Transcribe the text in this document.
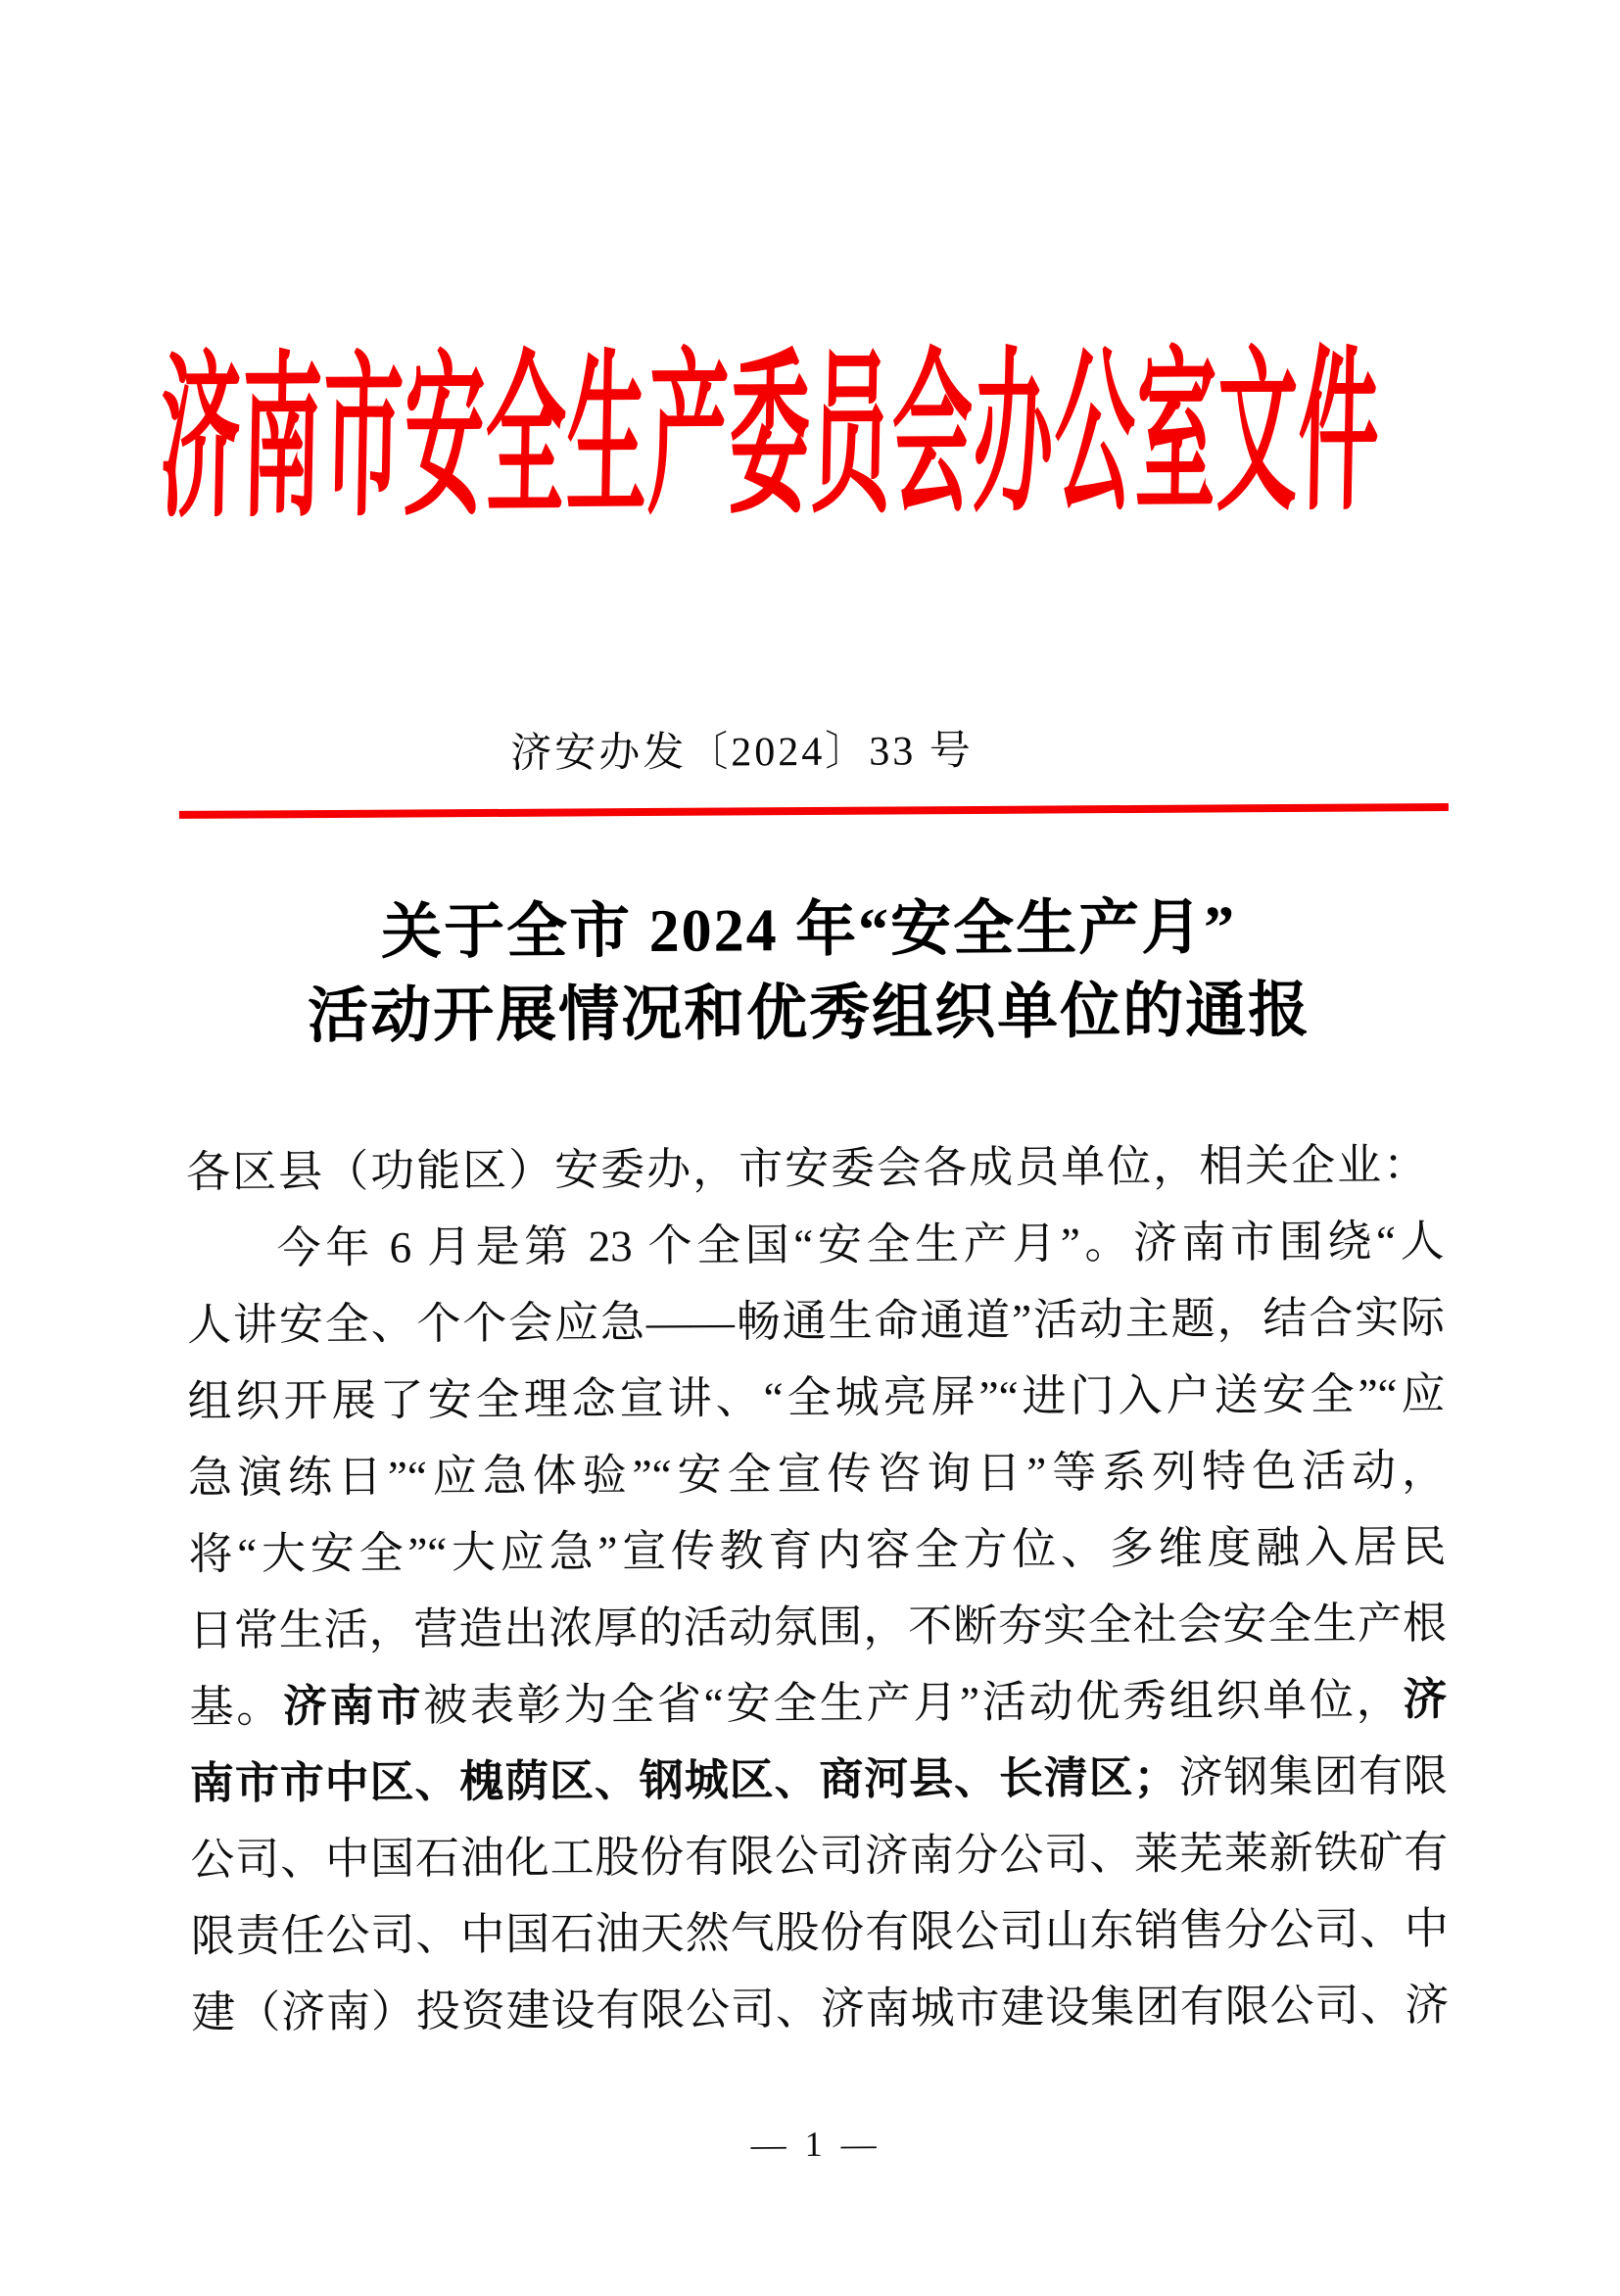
济南市安全生产委员会办公室文件
济安办发〔2024〕33 号
关于全市 2024 年“安全生产月”
活动开展情况和优秀组织单位的通报
各区县（功能区）安委办，市安委会各成员单位，相关企业：
今年 6 月是第 23 个全国“安全生产月”。济南市围绕“人
人讲安全、个个会应急——畅通生命通道”活动主题，结合实际
组织开展了安全理念宣讲、“全城亮屏”“进门入户送安全”“应
急演练日”“应急体验”“安全宣传咨询日”等系列特色活动，
将“大安全”“大应急”宣传教育内容全方位、多维度融入居民
日常生活，营造出浓厚的活动氛围，不断夯实全社会安全生产根
基。济南市被表彰为全省“安全生产月”活动优秀组织单位，济
南市市中区、槐荫区、钢城区、商河县、长清区；济钢集团有限
公司、中国石油化工股份有限公司济南分公司、莱芜莱新铁矿有
限责任公司、中国石油天然气股份有限公司山东销售分公司、中
建（济南）投资建设有限公司、济南城市建设集团有限公司、济
— 1 —
